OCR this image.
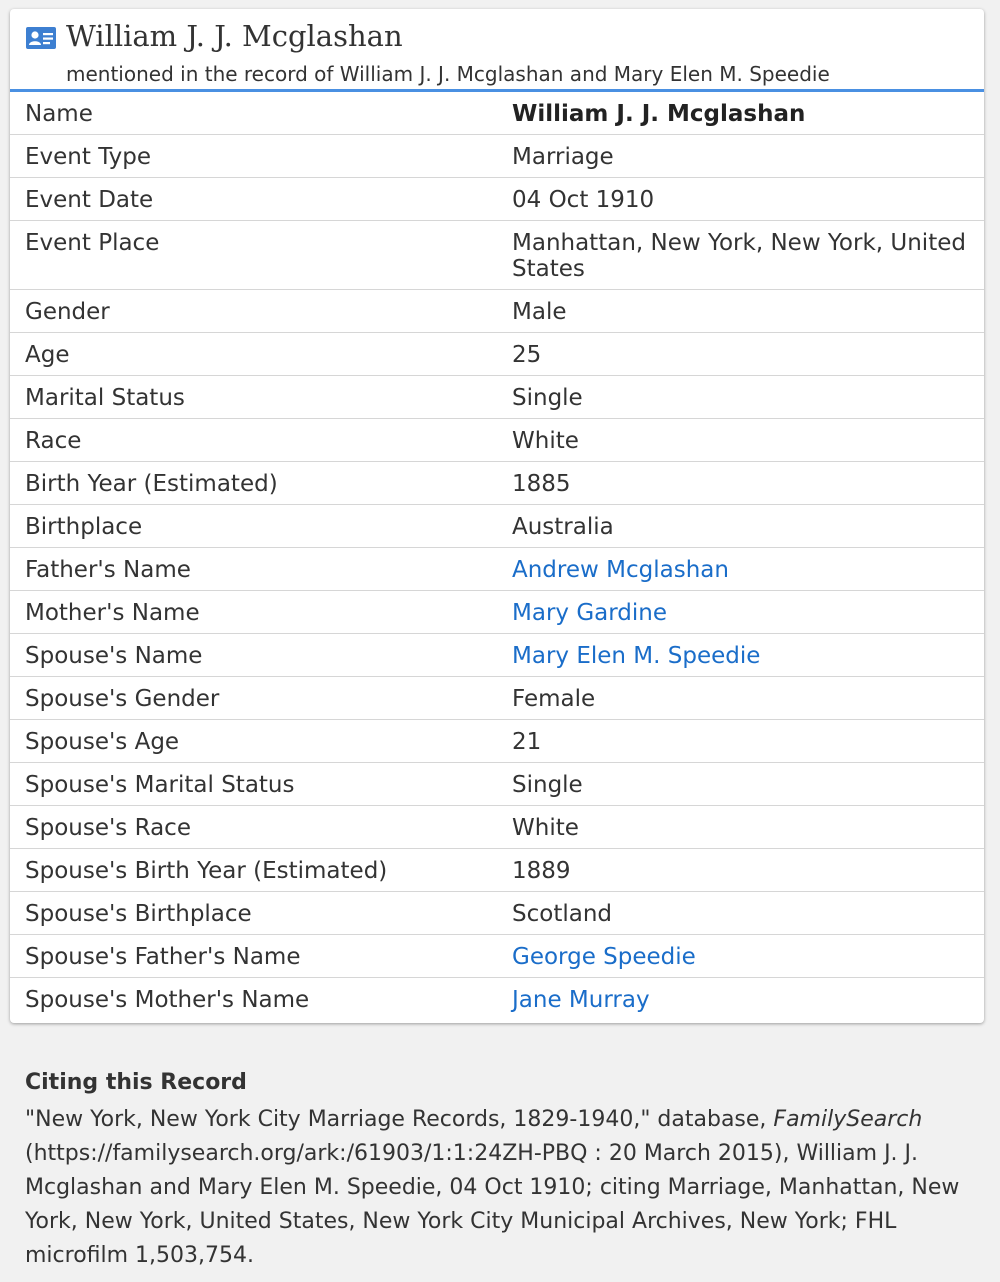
William J. J. Mcglashan
mentioned in the record of William J. J. Mcglashan and Mary Elen M. Speedie
Name	William J. J. Mcglashan
Event Type	Marriage
Event Date	04 Oct 1910
Event Place	Manhattan, New York, New York, United States
Gender	Male
Age	25
Marital Status	Single
Race	White
Birth Year (Estimated)	1885
Birthplace	Australia
Father's Name	Andrew Mcglashan
Mother's Name	Mary Gardine
Spouse's Name	Mary Elen M. Speedie
Spouse's Gender	Female
Spouse's Age	21
Spouse's Marital Status	Single
Spouse's Race	White
Spouse's Birth Year (Estimated)	1889
Spouse's Birthplace	Scotland
Spouse's Father's Name	George Speedie
Spouse's Mother's Name	Jane Murray
Citing this Record

"New York, New York City Marriage Records, 1829-1940," database, FamilySearch (https://familysearch.org/ark:/61903/1:1:24ZH-PBQ : 20 March 2015), William J. J. Mcglashan and Mary Elen M. Speedie, 04 Oct 1910; citing Marriage, Manhattan, New York, New York, United States, New York City Municipal Archives, New York; FHL microfilm 1,503,754.
